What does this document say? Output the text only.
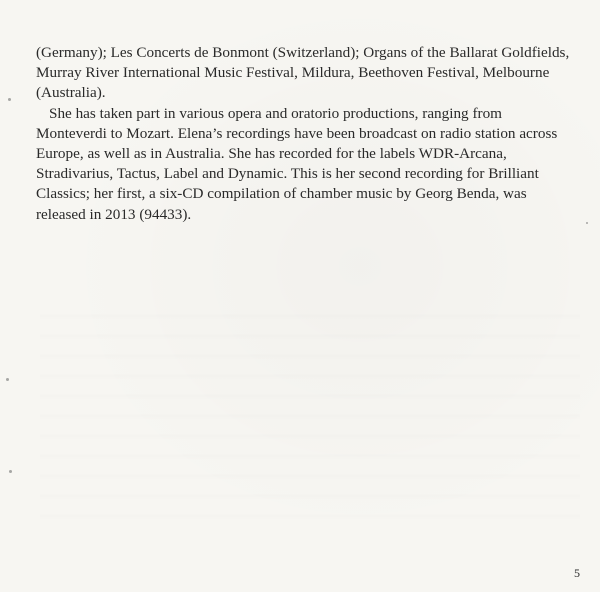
(Germany); Les Concerts de Bonmont (Switzerland); Organs of the Ballarat Goldfields, Murray River International Music Festival, Mildura, Beethoven Festival, Melbourne (Australia).

She has taken part in various opera and oratorio productions, ranging from Monteverdi to Mozart. Elena’s recordings have been broadcast on radio station across Europe, as well as in Australia. She has recorded for the labels WDR-Arcana, Stradivarius, Tactus, Label and Dynamic. This is her second recording for Brilliant Classics; her first, a six-CD compilation of chamber music by Georg Benda, was released in 2013 (94433).

5
